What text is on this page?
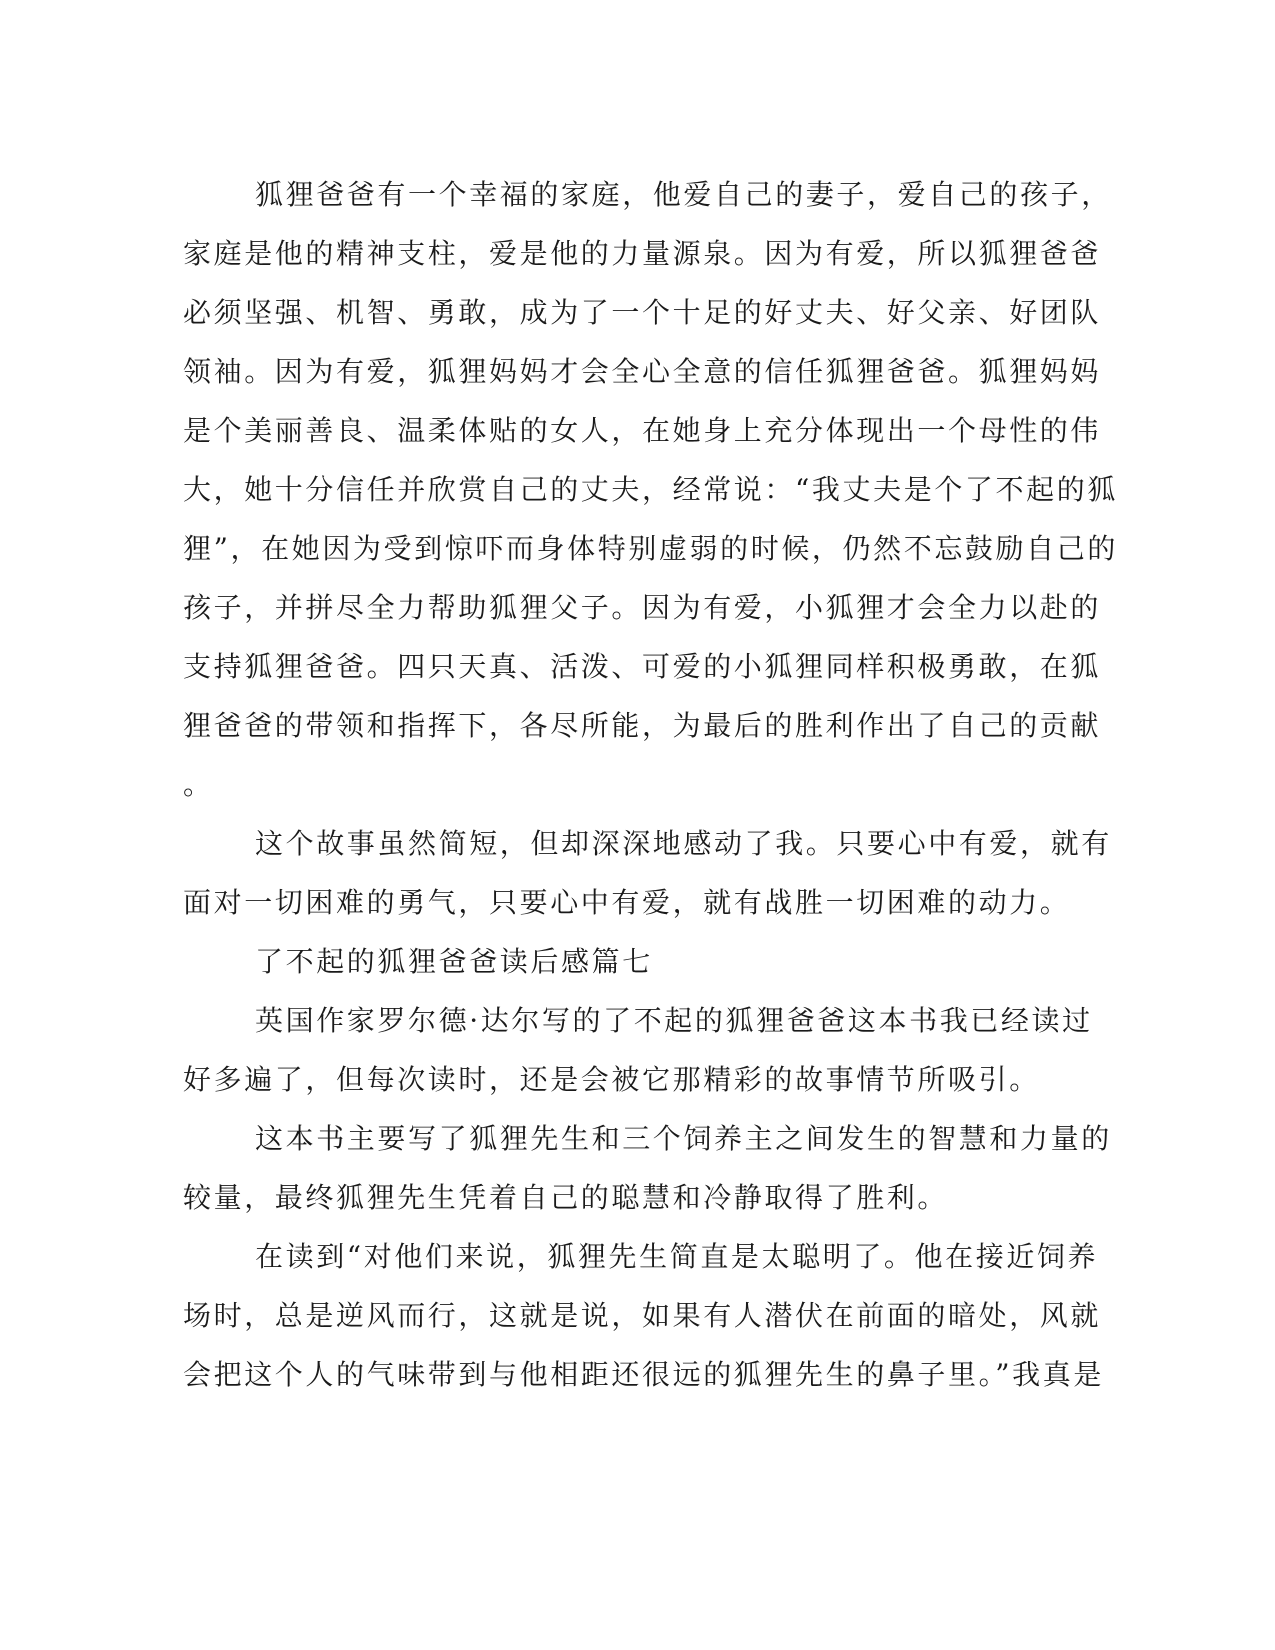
狐狸爸爸有一个幸福的家庭，他爱自己的妻子，爱自己的孩子，
家庭是他的精神支柱，爱是他的力量源泉。因为有爱，所以狐狸爸爸
必须坚强、机智、勇敢，成为了一个十足的好丈夫、好父亲、好团队
领袖。因为有爱，狐狸妈妈才会全心全意的信任狐狸爸爸。狐狸妈妈
是个美丽善良、温柔体贴的女人，在她身上充分体现出一个母性的伟
大，她十分信任并欣赏自己的丈夫，经常说：“我丈夫是个了不起的狐
狸”，在她因为受到惊吓而身体特别虚弱的时候，仍然不忘鼓励自己的
孩子，并拼尽全力帮助狐狸父子。因为有爱，小狐狸才会全力以赴的
支持狐狸爸爸。四只天真、活泼、可爱的小狐狸同样积极勇敢，在狐
狸爸爸的带领和指挥下，各尽所能，为最后的胜利作出了自己的贡献
。
这个故事虽然简短，但却深深地感动了我。只要心中有爱，就有
面对一切困难的勇气，只要心中有爱，就有战胜一切困难的动力。
了不起的狐狸爸爸读后感篇七
英国作家罗尔德·达尔写的了不起的狐狸爸爸这本书我已经读过
好多遍了，但每次读时，还是会被它那精彩的故事情节所吸引。
这本书主要写了狐狸先生和三个饲养主之间发生的智慧和力量的
较量，最终狐狸先生凭着自己的聪慧和冷静取得了胜利。
在读到“对他们来说，狐狸先生简直是太聪明了。他在接近饲养
场时，总是逆风而行，这就是说，如果有人潜伏在前面的暗处，风就
会把这个人的气味带到与他相距还很远的狐狸先生的鼻子里。”我真是
